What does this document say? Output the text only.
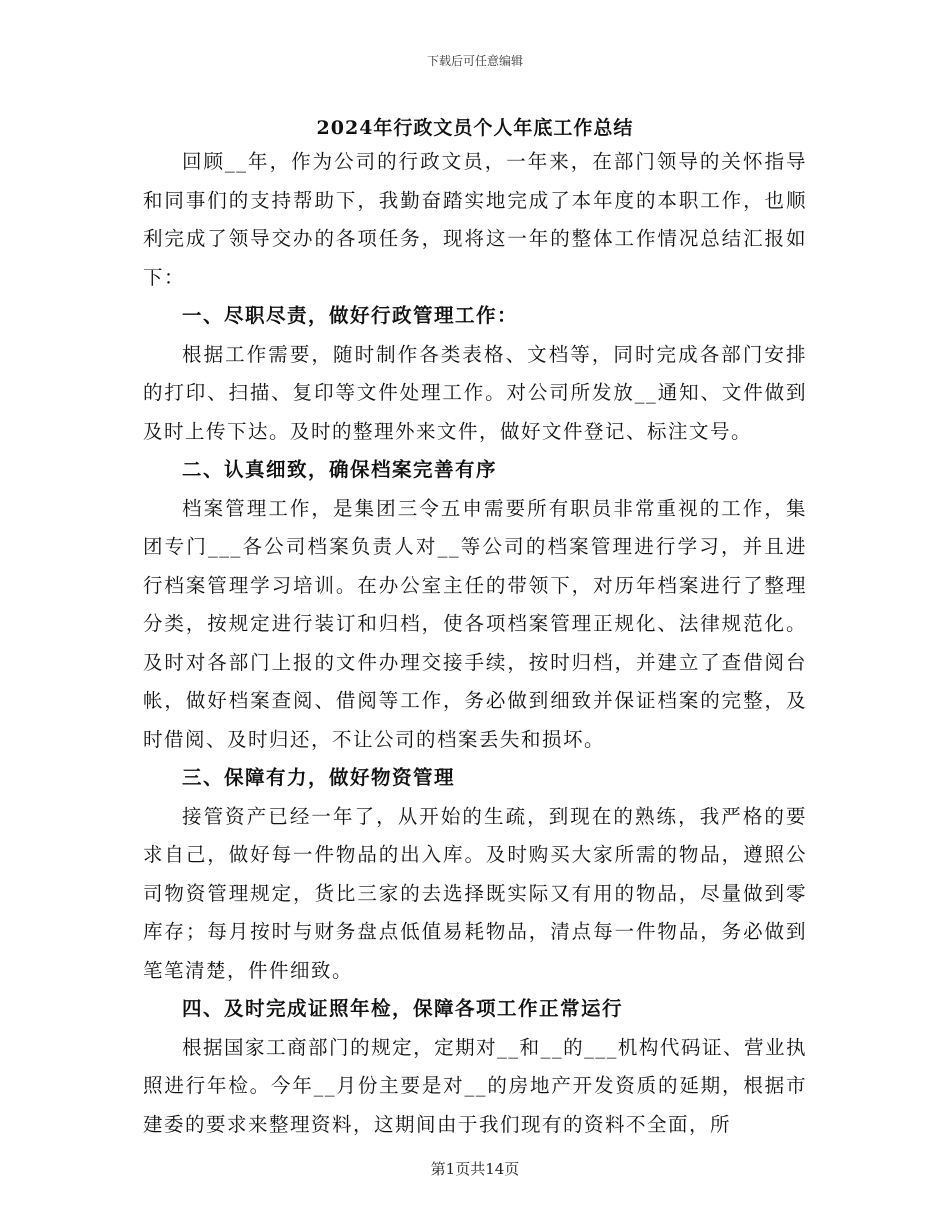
下载后可任意编辑
2024年行政文员个人年底工作总结

回顾__年，作为公司的行政文员，一年来，在部门领导的关怀指导和同事们的支持帮助下，我勤奋踏实地完成了本年度的本职工作，也顺利完成了领导交办的各项任务，现将这一年的整体工作情况总结汇报如下：

一、尽职尽责，做好行政管理工作：

根据工作需要，随时制作各类表格、文档等，同时完成各部门安排的打印、扫描、复印等文件处理工作。对公司所发放__通知、文件做到及时上传下达。及时的整理外来文件，做好文件登记、标注文号。

二、认真细致，确保档案完善有序

档案管理工作，是集团三令五申需要所有职员非常重视的工作，集团专门___各公司档案负责人对__等公司的档案管理进行学习，并且进行档案管理学习培训。在办公室主任的带领下，对历年档案进行了整理分类，按规定进行装订和归档，使各项档案管理正规化、法律规范化。及时对各部门上报的文件办理交接手续，按时归档，并建立了查借阅台帐，做好档案查阅、借阅等工作，务必做到细致并保证档案的完整，及时借阅、及时归还，不让公司的档案丢失和损坏。

三、保障有力，做好物资管理

接管资产已经一年了，从开始的生疏，到现在的熟练，我严格的要求自己，做好每一件物品的出入库。及时购买大家所需的物品，遵照公司物资管理规定，货比三家的去选择既实际又有用的物品，尽量做到零库存；每月按时与财务盘点低值易耗物品，清点每一件物品，务必做到笔笔清楚，件件细致。

四、及时完成证照年检，保障各项工作正常运行

根据国家工商部门的规定，定期对__和__的___机构代码证、营业执照进行年检。今年__月份主要是对__的房地产开发资质的延期，根据市建委的要求来整理资料，这期间由于我们现有的资料不全面，所

第1页共14页
